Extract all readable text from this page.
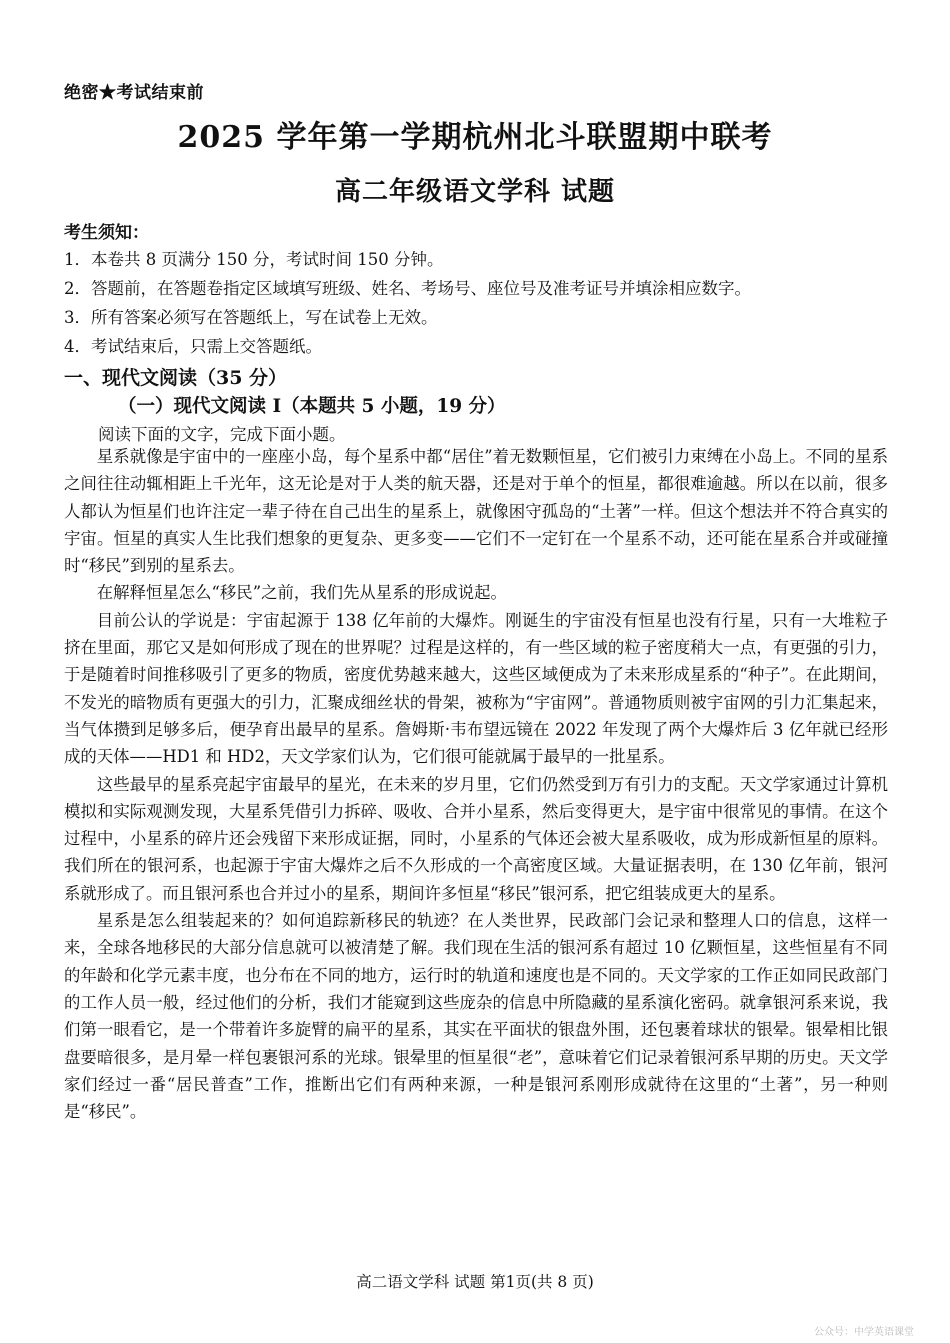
绝密★考试结束前
2025 学年第一学期杭州北斗联盟期中联考
高二年级语文学科 试题
考生须知：
1．本卷共 8 页满分 150 分，考试时间 150 分钟。
2．答题前，在答题卷指定区域填写班级、姓名、考场号、座位号及准考证号并填涂相应数字。
3．所有答案必须写在答题纸上，写在试卷上无效。
4．考试结束后，只需上交答题纸。
一、现代文阅读（35 分）
（一）现代文阅读 I（本题共 5 小题，19 分）
阅读下面的文字，完成下面小题。

星系就像是宇宙中的一座座小岛，每个星系中都“居住”着无数颗恒星，它们被引力束缚在小岛上。不同的星系之间往往动辄相距上千光年，这无论是对于人类的航天器，还是对于单个的恒星，都很难逾越。所以在以前，很多人都认为恒星们也许注定一辈子待在自己出生的星系上，就像困守孤岛的“土著”一样。但这个想法并不符合真实的宇宙。恒星的真实人生比我们想象的更复杂、更多变——它们不一定钉在一个星系不动，还可能在星系合并或碰撞时“移民”到别的星系去。

在解释恒星怎么“移民”之前，我们先从星系的形成说起。

目前公认的学说是：宇宙起源于 138 亿年前的大爆炸。刚诞生的宇宙没有恒星也没有行星，只有一大堆粒子挤在里面，那它又是如何形成了现在的世界呢？过程是这样的，有一些区域的粒子密度稍大一点，有更强的引力，于是随着时间推移吸引了更多的物质，密度优势越来越大，这些区域便成为了未来形成星系的“种子”。在此期间，不发光的暗物质有更强大的引力，汇聚成细丝状的骨架，被称为“宇宙网”。普通物质则被宇宙网的引力汇集起来，当气体攒到足够多后，便孕育出最早的星系。詹姆斯·韦布望远镜在 2022 年发现了两个大爆炸后 3 亿年就已经形成的天体——HD1 和 HD2，天文学家们认为，它们很可能就属于最早的一批星系。

这些最早的星系亮起宇宙最早的星光，在未来的岁月里，它们仍然受到万有引力的支配。天文学家通过计算机模拟和实际观测发现，大星系凭借引力拆碎、吸收、合并小星系，然后变得更大，是宇宙中很常见的事情。在这个过程中，小星系的碎片还会残留下来形成证据，同时，小星系的气体还会被大星系吸收，成为形成新恒星的原料。我们所在的银河系，也起源于宇宙大爆炸之后不久形成的一个高密度区域。大量证据表明，在 130 亿年前，银河系就形成了。而且银河系也合并过小的星系，期间许多恒星“移民”银河系，把它组装成更大的星系。

星系是怎么组装起来的？如何追踪新移民的轨迹？在人类世界，民政部门会记录和整理人口的信息，这样一来，全球各地移民的大部分信息就可以被清楚了解。我们现在生活的银河系有超过 10 亿颗恒星，这些恒星有不同的年龄和化学元素丰度，也分布在不同的地方，运行时的轨道和速度也是不同的。天文学家的工作正如同民政部门的工作人员一般，经过他们的分析，我们才能窥到这些庞杂的信息中所隐藏的星系演化密码。就拿银河系来说，我们第一眼看它，是一个带着许多旋臂的扁平的星系，其实在平面状的银盘外围，还包裹着球状的银晕。银晕相比银盘要暗很多，是月晕一样包裹银河系的光球。银晕里的恒星很“老”，意味着它们记录着银河系早期的历史。天文学家们经过一番“居民普查”工作，推断出它们有两种来源，一种是银河系刚形成就待在这里的“土著”，另一种则是“移民”。

高二语文学科 试题 第1页(共 8 页)
公众号：中学英语课堂
